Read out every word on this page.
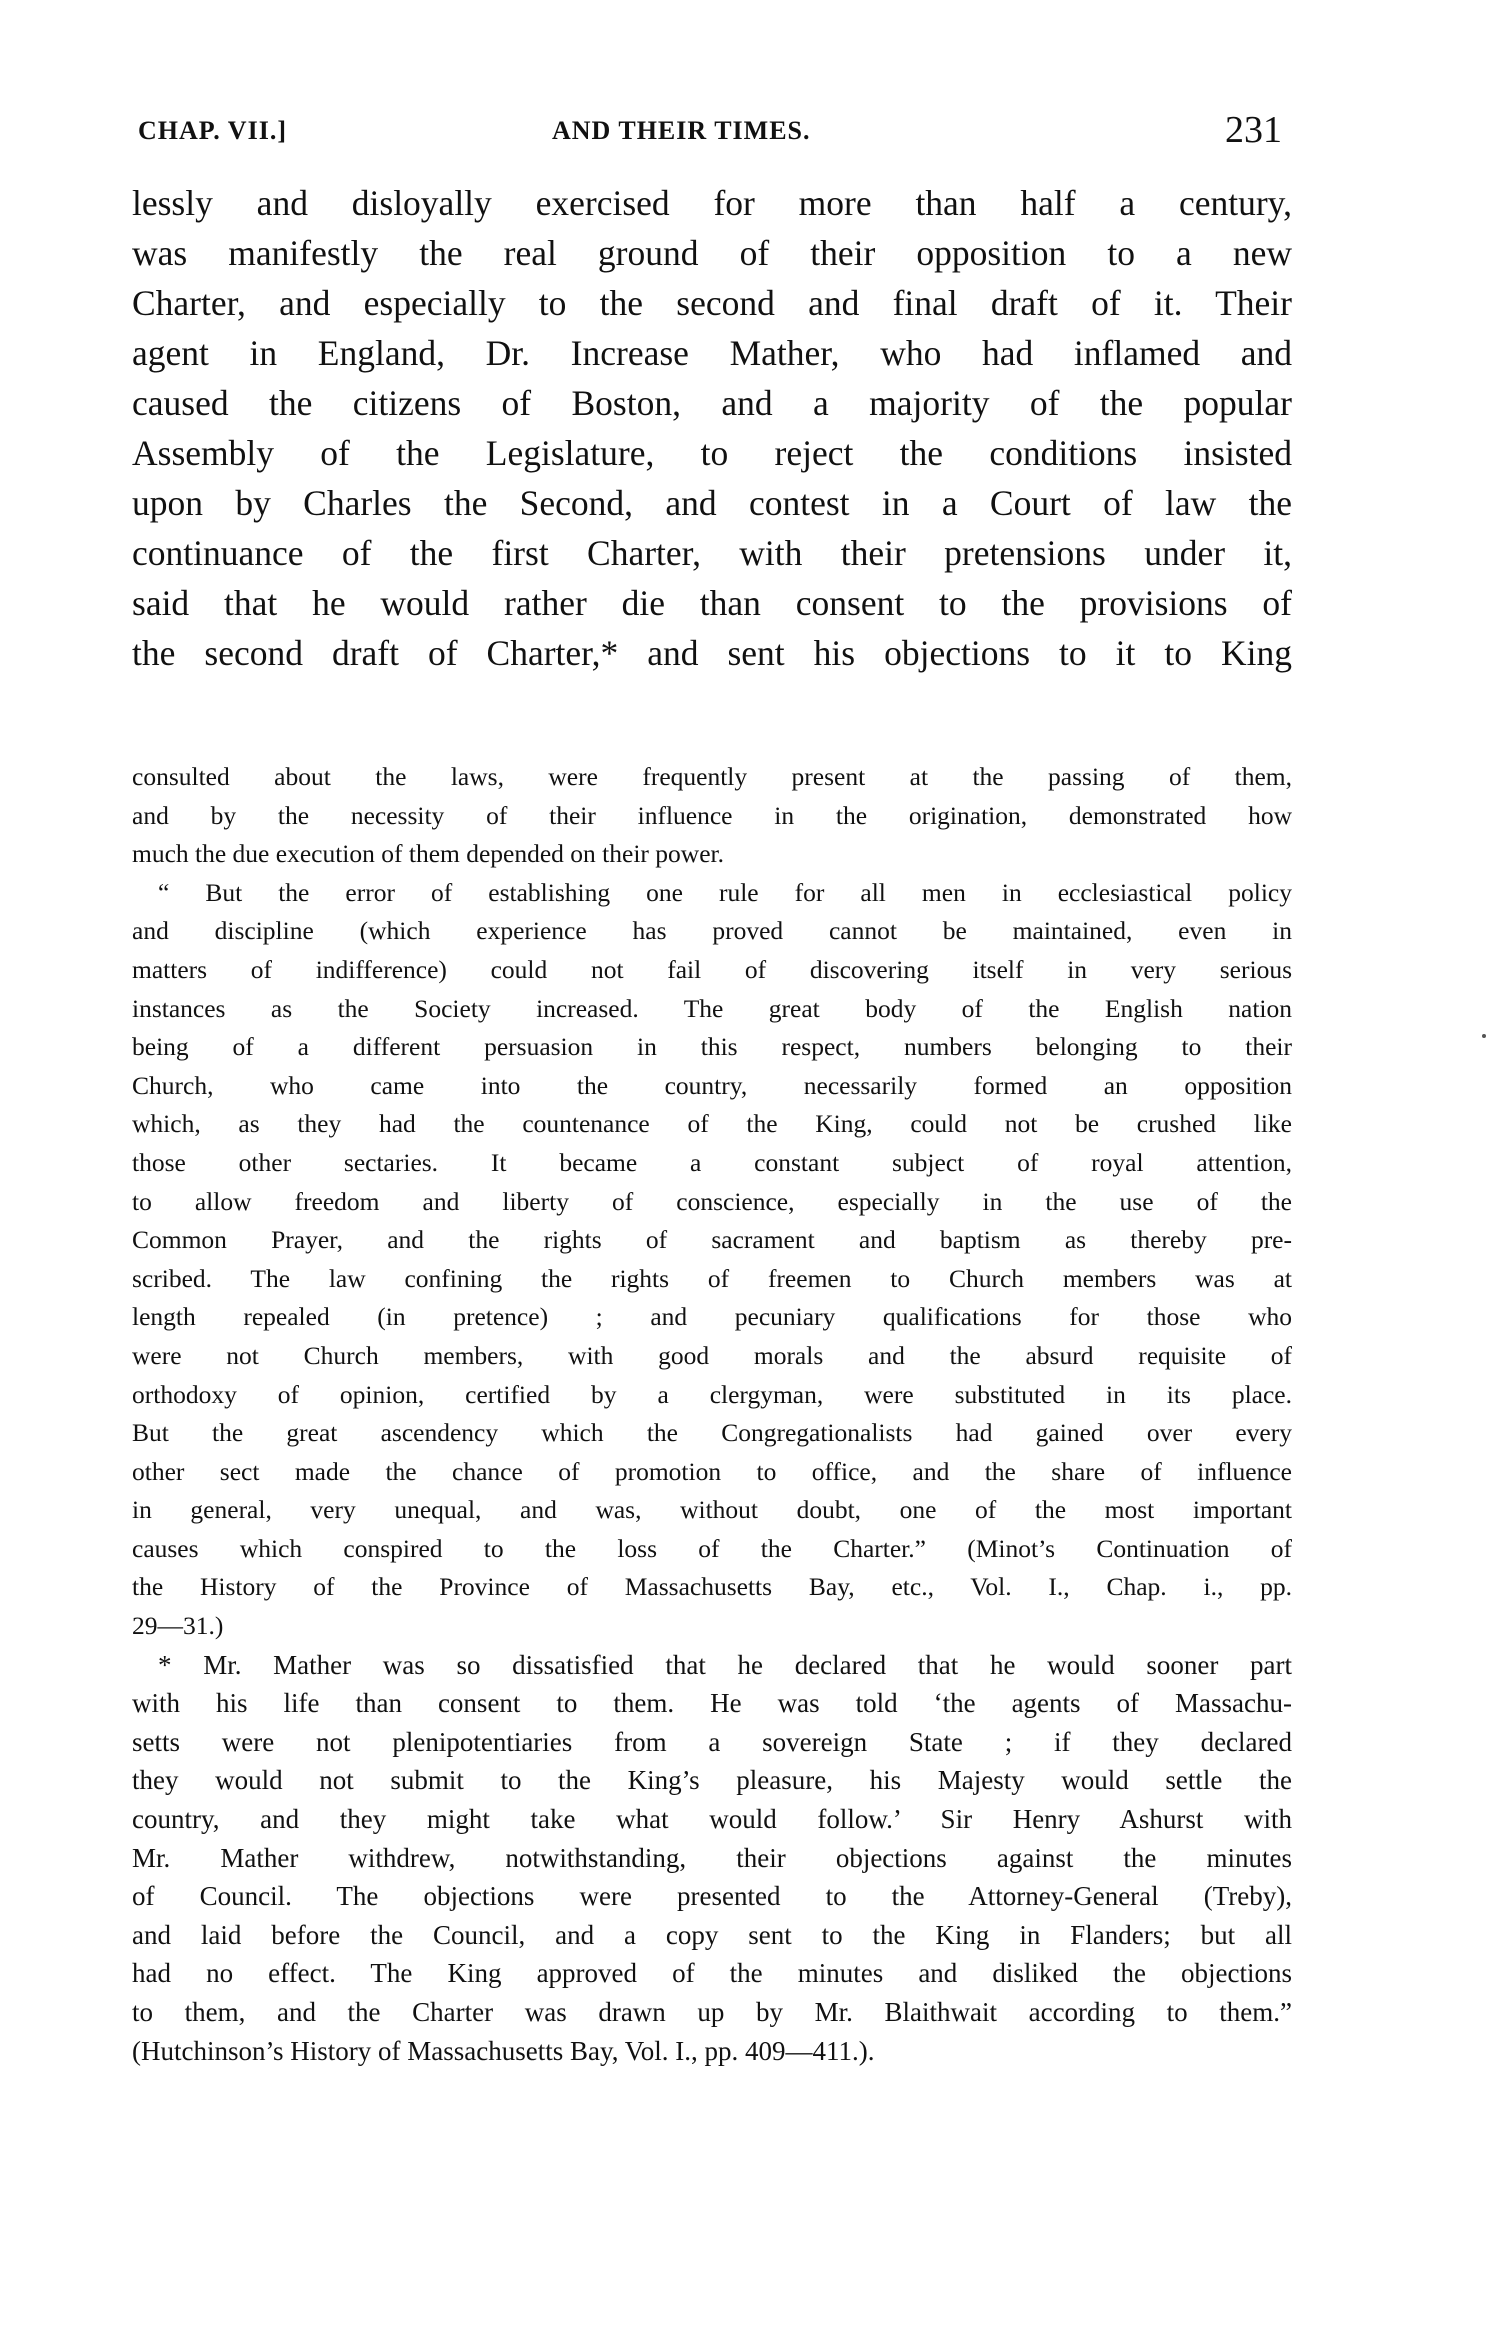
CHAP. VII.]	AND THEIR TIMES.	231
lessly and disloyally exercised for more than half a century,
was manifestly the real ground of their opposition to a new
Charter, and especially to the second and final draft of it. Their
agent in England, Dr. Increase Mather, who had inflamed and
caused the citizens of Boston, and a majority of the popular
Assembly of the Legislature, to reject the conditions insisted
upon by Charles the Second, and contest in a Court of law the
continuance of the first Charter, with their pretensions under it,
said that he would rather die than consent to the provisions of
the second draft of Charter,* and sent his objections to it to King
consulted about the laws, were frequently present at the passing of them,
and by the necessity of their influence in the origination, demonstrated how
much the due execution of them depended on their power.
“ But the error of establishing one rule for all men in ecclesiastical policy
and discipline (which experience has proved cannot be maintained, even in
matters of indifference) could not fail of discovering itself in very serious
instances as the Society increased. The great body of the English nation
being of a different persuasion in this respect, numbers belonging to their
Church, who came into the country, necessarily formed an opposition
which, as they had the countenance of the King, could not be crushed like
those other sectaries. It became a constant subject of royal attention,
to allow freedom and liberty of conscience, especially in the use of the
Common Prayer, and the rights of sacrament and baptism as thereby pre-
scribed. The law confining the rights of freemen to Church members was at
length repealed (in pretence) ; and pecuniary qualifications for those who
were not Church members, with good morals and the absurd requisite of
orthodoxy of opinion, certified by a clergyman, were substituted in its place.
But the great ascendency which the Congregationalists had gained over every
other sect made the chance of promotion to office, and the share of influence
in general, very unequal, and was, without doubt, one of the most important
causes which conspired to the loss of the Charter.” (Minot’s Continuation of
the History of the Province of Massachusetts Bay, etc., Vol. I., Chap. i., pp.
29—31.)
* Mr. Mather was so dissatisfied that he declared that he would sooner part
with his life than consent to them. He was told ‘the agents of Massachu-
setts were not plenipotentiaries from a sovereign State ; if they declared
they would not submit to the King’s pleasure, his Majesty would settle the
country, and they might take what would follow.’ Sir Henry Ashurst with
Mr. Mather withdrew, notwithstanding, their objections against the minutes
of Council. The objections were presented to the Attorney-General (Treby),
and laid before the Council, and a copy sent to the King in Flanders; but all
had no effect. The King approved of the minutes and disliked the objections
to them, and the Charter was drawn up by Mr. Blaithwait according to them.”
(Hutchinson’s History of Massachusetts Bay, Vol. I., pp. 409—411.).
